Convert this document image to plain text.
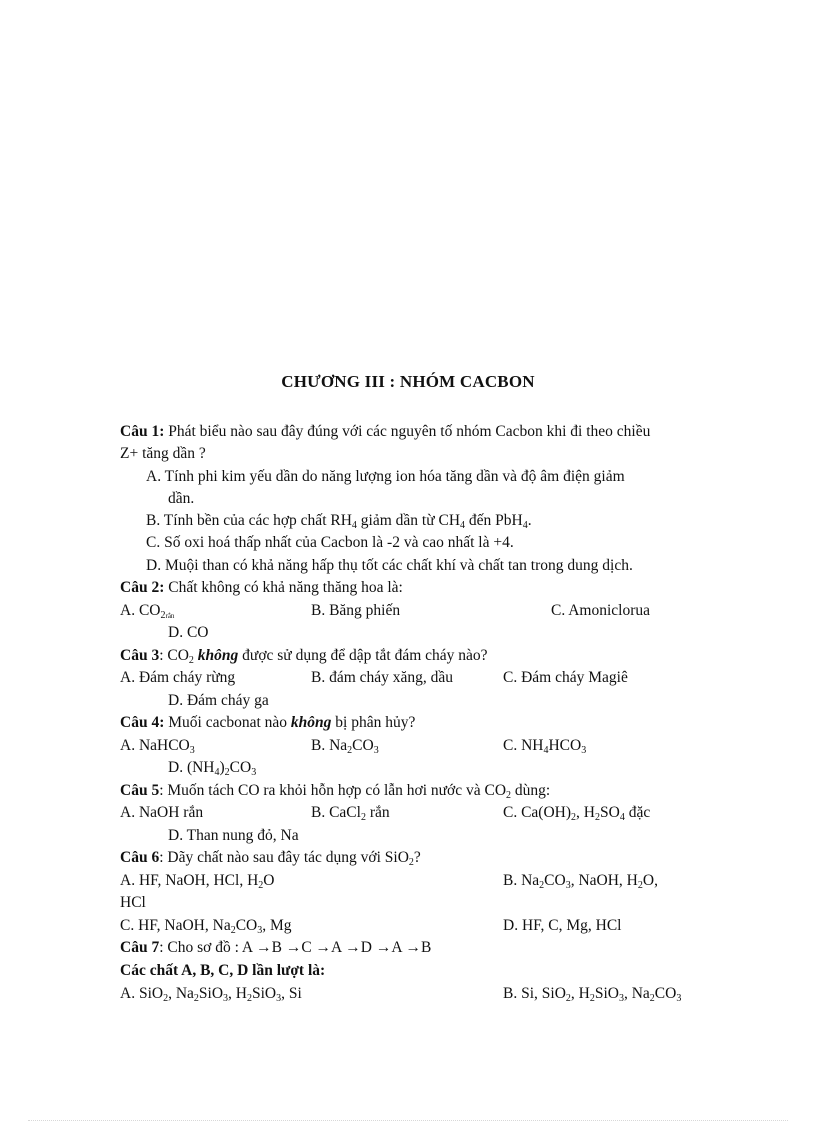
CHƯƠNG III : NHÓM CACBON
Câu 1: Phát biểu nào sau đây đúng với các nguyên tố nhóm Cacbon khi đi theo chiều
Z+ tăng dần ?
A. Tính phi kim yếu dần do năng lượng ion hóa tăng dần và độ âm điện giảm
dần.
B. Tính bền của các hợp chất $RH_4$ giảm dần từ $CH_4$ đến PbH$_4$.
C. Số oxi hoá thấp nhất của Cacbon là -2 và cao nhất là +4.
D. Muội than có khả năng hấp thụ tốt các chất khí và chất tan trong dung dịch.
Câu 2: Chất không có khả năng thăng hoa là:
A. $CO_2rắn$	B. Băng phiến	C. Amoniclorua
D. CO
Câu 3: $CO_2$ không được sử dụng để dập tắt đám cháy nào?
A. Đám cháy rừng	B. đám cháy xăng, dầu	C. Đám cháy Magiê
D. Đám cháy ga
Câu 4: Muối cacbonat nào không bị phân hủy?
A. NaHCO$_3$	B. $Na_2CO_3$	C. $NH_4HCO_3$
D. $(NH_4)_2CO_3$
Câu 5: Muốn tách CO ra khỏi hỗn hợp có lẫn hơi nước và $CO_2$ dùng:
A. NaOH rắn	B. CaCl$_2$ rắn	C. $Ca(OH)_2$, $H_2SO_4$ đặc
D. Than nung đỏ, Na
Câu 6: Dãy chất nào sau đây tác dụng với SiO$_2$?
A. HF, NaOH, HCl, $H_2O$	B. $Na_2CO_3$, NaOH, $H_2O$,
HCl
C. HF, NaOH, $Na_2CO_3$, Mg	D. HF, C, Mg, HCl
Câu 7: Cho sơ đồ : A →B →C →A →D →A →B
Các chất A, B, C, D lần lượt là:
A. SiO$_2$, $Na_2SiO_3$, $H_2SiO_3$, Si	B. Si, SiO$_2$, $H_2SiO_3$, $Na_2CO_3$
